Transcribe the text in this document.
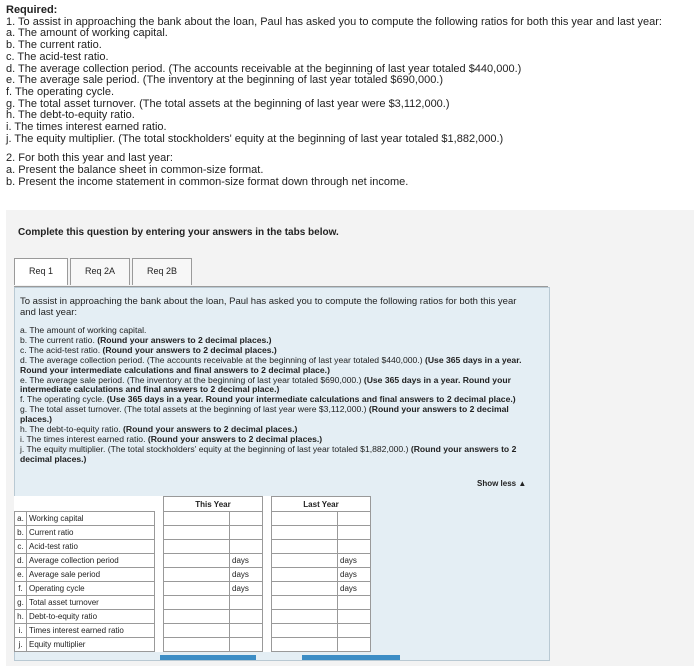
Required:
1. To assist in approaching the bank about the loan, Paul has asked you to compute the following ratios for both this year and last year:
a. The amount of working capital.
b. The current ratio.
c. The acid-test ratio.
d. The average collection period. (The accounts receivable at the beginning of last year totaled $440,000.)
e. The average sale period. (The inventory at the beginning of last year totaled $690,000.)
f. The operating cycle.
g. The total asset turnover. (The total assets at the beginning of last year were $3,112,000.)
h. The debt-to-equity ratio.
i. The times interest earned ratio.
j. The equity multiplier. (The total stockholders' equity at the beginning of last year totaled $1,882,000.)
2. For both this year and last year:
a. Present the balance sheet in common-size format.
b. Present the income statement in common-size format down through net income.
Complete this question by entering your answers in the tabs below.
Req 1	Req 2A	Req 2B
To assist in approaching the bank about the loan, Paul has asked you to compute the following ratios for both this year and last year:
a. The amount of working capital.
b. The current ratio. (Round your answers to 2 decimal places.)
c. The acid-test ratio. (Round your answers to 2 decimal places.)
d. The average collection period. (The accounts receivable at the beginning of last year totaled $440,000.) (Use 365 days in a year. Round your intermediate calculations and final answers to 2 decimal place.)
e. The average sale period. (The inventory at the beginning of last year totaled $690,000.) (Use 365 days in a year. Round your intermediate calculations and final answers to 2 decimal place.)
f. The operating cycle. (Use 365 days in a year. Round your intermediate calculations and final answers to 2 decimal place.)
g. The total asset turnover. (The total assets at the beginning of last year were $3,112,000.) (Round your answers to 2 decimal places.)
h. The debt-to-equity ratio. (Round your answers to 2 decimal places.)
i. The times interest earned ratio. (Round your answers to 2 decimal places.)
j. The equity multiplier. (The total stockholders' equity at the beginning of last year totaled $1,882,000.) (Round your answers to 2 decimal places.)
Show less ▲
			This Year			Last Year	
a.	Working capital						
b.	Current ratio						
c.	Acid-test ratio						
d.	Average collection period			days			days
e.	Average sale period			days			days
f.	Operating cycle			days			days
g.	Total asset turnover						
h.	Debt-to-equity ratio						
i.	Times interest earned ratio						
j.	Equity multiplier						
